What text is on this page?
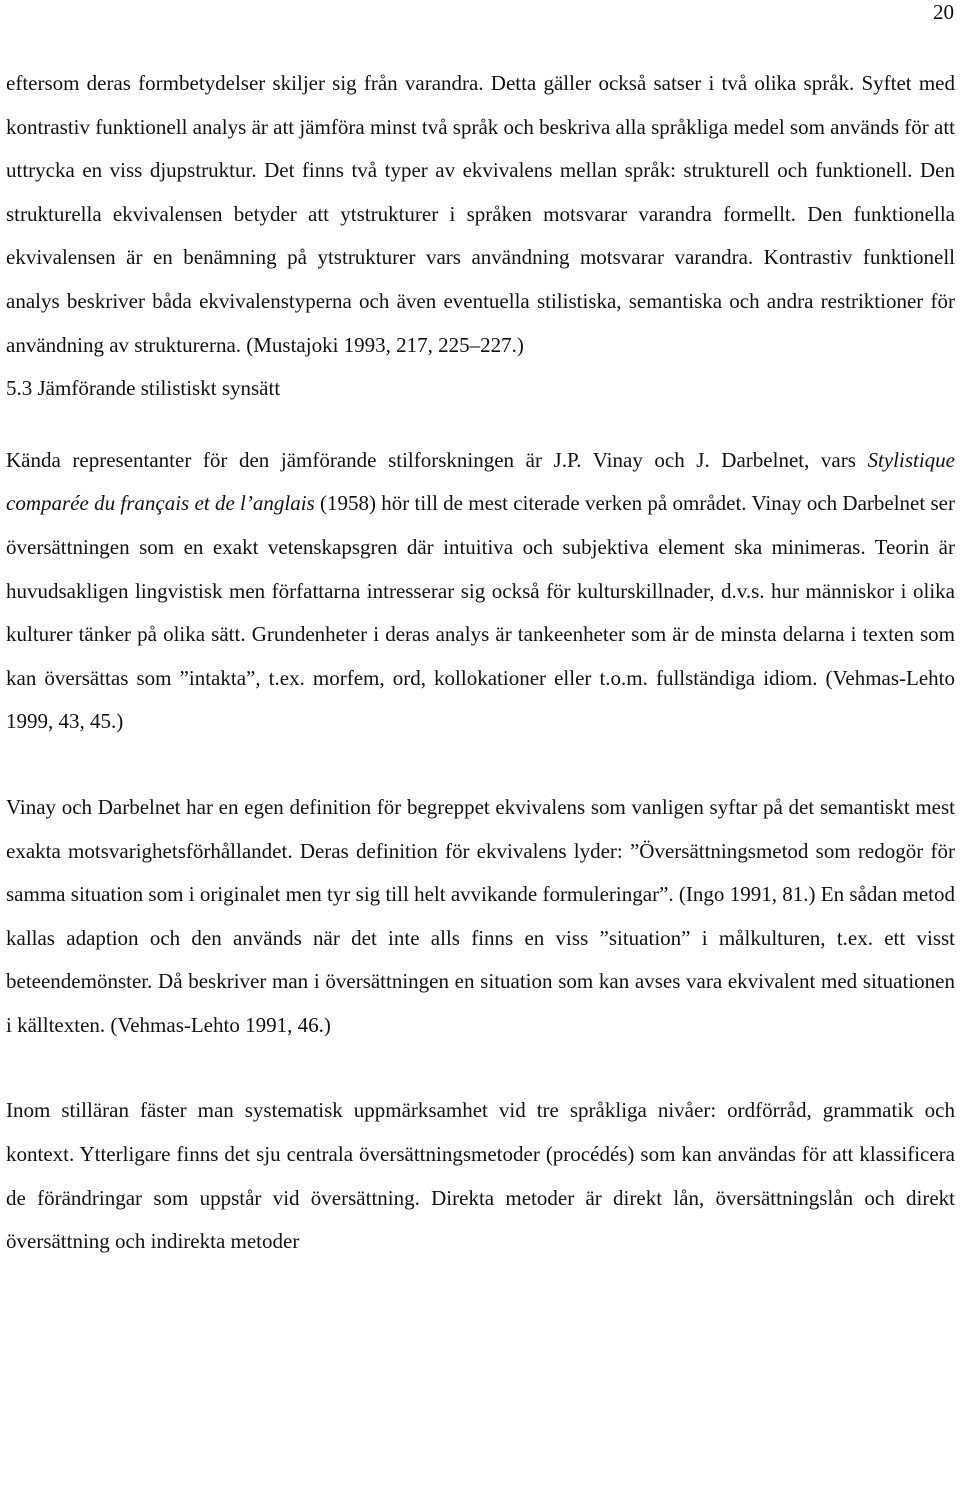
20

eftersom deras formbetydelser skiljer sig från varandra. Detta gäller också satser i två olika språk. Syftet med kontrastiv funktionell analys är att jämföra minst två språk och beskriva alla språkliga medel som används för att uttrycka en viss djupstruktur. Det finns två typer av ekvivalens mellan språk: strukturell och funktionell. Den strukturella ekvivalensen betyder att ytstrukturer i språken motsvarar varandra formellt. Den funktionella ekvivalensen är en benämning på ytstrukturer vars användning motsvarar varandra. Kontrastiv funktionell analys beskriver båda ekvivalenstyperna och även eventuella stilistiska, semantiska och andra restriktioner för användning av strukturerna. (Mustajoki 1993, 217, 225–227.)

5.3 Jämförande stilistiskt synsätt

Kända representanter för den jämförande stilforskningen är J.P. Vinay och J. Darbelnet, vars Stylistique comparée du français et de l’anglais (1958) hör till de mest citerade verken på området. Vinay och Darbelnet ser översättningen som en exakt vetenskapsgren där intuitiva och subjektiva element ska minimeras. Teorin är huvudsakligen lingvistisk men författarna intresserar sig också för kulturskillnader, d.v.s. hur människor i olika kulturer tänker på olika sätt. Grundenheter i deras analys är tankeenheter som är de minsta delarna i texten som kan översättas som ”intakta”, t.ex. morfem, ord, kollokationer eller t.o.m. fullständiga idiom. (Vehmas-Lehto 1999, 43, 45.)

Vinay och Darbelnet har en egen definition för begreppet ekvivalens som vanligen syftar på det semantiskt mest exakta motsvarighetsförhållandet. Deras definition för ekvivalens lyder: ”Översättningsmetod som redogör för samma situation som i originalet men tyr sig till helt avvikande formuleringar”. (Ingo 1991, 81.) En sådan metod kallas adaption och den används när det inte alls finns en viss ”situation” i målkulturen, t.ex. ett visst beteendemönster. Då beskriver man i översättningen en situation som kan avses vara ekvivalent med situationen i källtexten. (Vehmas-Lehto 1991, 46.)

Inom stilläran fäster man systematisk uppmärksamhet vid tre språkliga nivåer: ordförråd, grammatik och kontext. Ytterligare finns det sju centrala översättningsmetoder (procédés) som kan användas för att klassificera de förändringar som uppstår vid översättning. Direkta metoder är direkt lån, översättningslån och direkt översättning och indirekta metoder
